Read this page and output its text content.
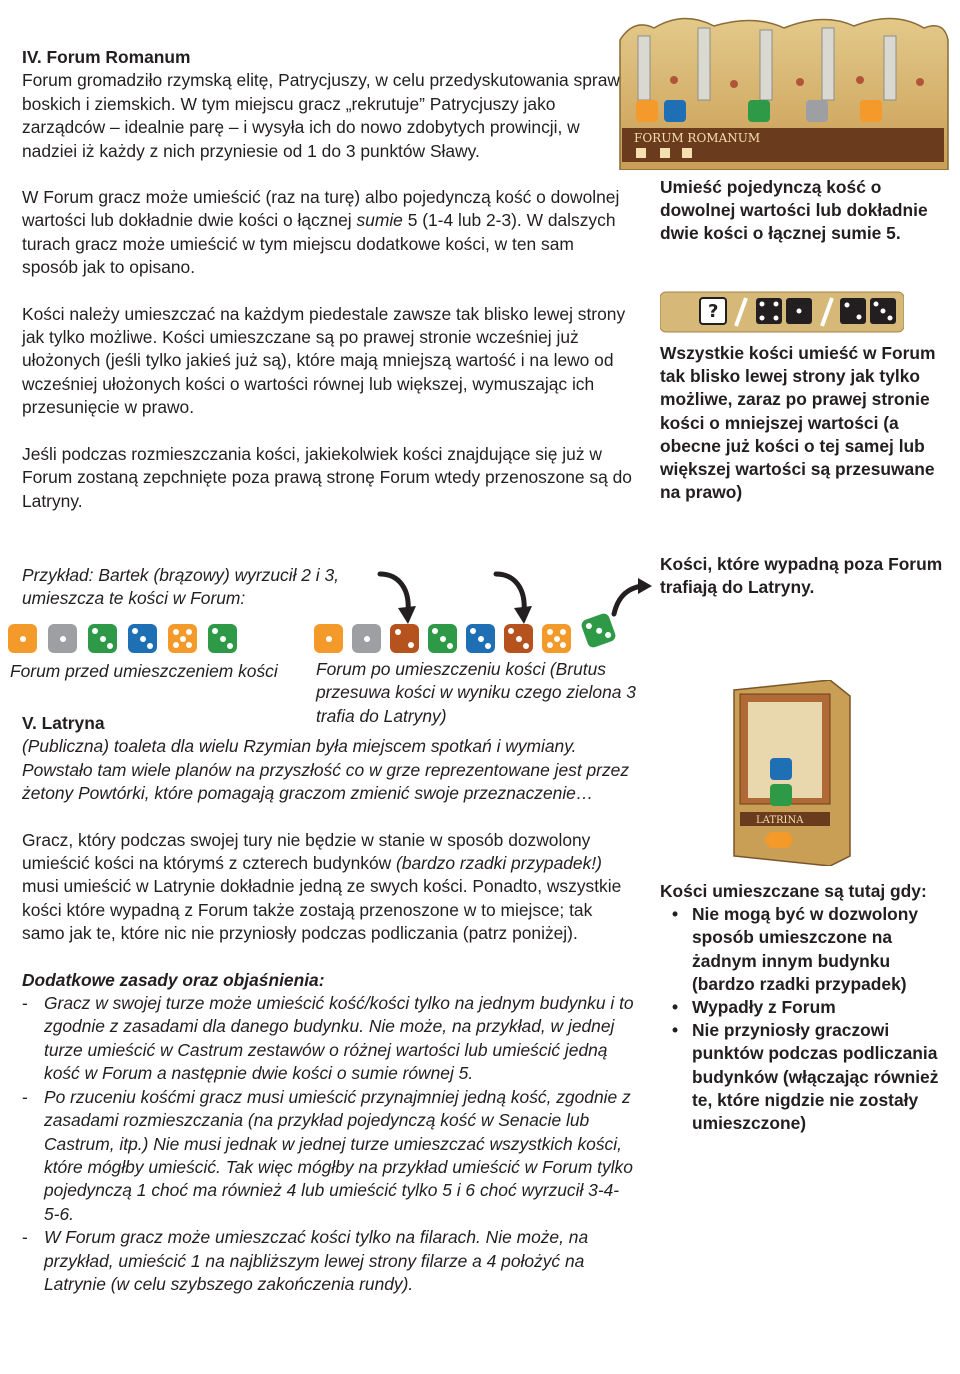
IV. Forum Romanum

Forum gromadziło rzymską elitę, Patrycjuszy, w celu przedyskutowania spraw boskich i ziemskich. W tym miejscu gracz „rekrutuje” Patrycjuszy jako zarządców – idealnie parę – i wysyła ich do nowo zdobytych prowincji, w nadziei iż każdy z nich przyniesie od 1 do 3 punktów Sławy.

W Forum gracz może umieścić (raz na turę) albo pojedynczą kość o dowolnej wartości lub dokładnie dwie kości o łącznej sumie 5 (1-4 lub 2-3). W dalszych turach gracz może umieścić w tym miejscu dodatkowe kości, w ten sam sposób jak to opisano.

Kości należy umieszczać na każdym piedestale zawsze tak blisko lewej strony jak tylko możliwe. Kości umieszczane są po prawej stronie wcześniej już ułożonych (jeśli tylko jakieś już są), które mają mniejszą wartość i na lewo od wcześniej ułożonych kości o wartości równej lub większej, wymuszając ich przesunięcie w prawo.

Jeśli podczas rozmieszczania kości, jakiekolwiek kości znajdujące się już w Forum zostaną zepchnięte poza prawą stronę Forum wtedy przenoszone są do Latryny.

Przykład: Bartek (brązowy) wyrzucił 2 i 3, umieszcza te kości w Forum:

Forum przed umieszczeniem kości Forum po umieszczeniu kości (Brutus przesuwa kości w wyniku czego zielona 3 trafia do Latryny)

V. Latryna

(Publiczna) toaleta dla wielu Rzymian była miejscem spotkań i wymiany. Powstało tam wiele planów na przyszłość co w grze reprezentowane jest przez żetony Powtórki, które pomagają graczom zmienić swoje przeznaczenie…

Gracz, który podczas swojej tury nie będzie w stanie w sposób dozwolony umieścić kości na którymś z czterech budynków (bardzo rzadki przypadek!) musi umieścić w Latrynie dokładnie jedną ze swych kości. Ponadto, wszystkie kości które wypadną z Forum także zostają przenoszone w to miejsce; tak samo jak te, które nic nie przyniosły podczas podliczania (patrz poniżej).

Dodatkowe zasady oraz objaśnienia:

- Gracz w swojej turze może umieścić kość/kości tylko na jednym budynku i to zgodnie z zasadami dla danego budynku. Nie może, na przykład, w jednej turze umieścić w Castrum zestawów o różnej wartości lub umieścić jedną kość w Forum a następnie dwie kości o sumie równej 5.
- Po rzuceniu kośćmi gracz musi umieścić przynajmniej jedną kość, zgodnie z zasadami rozmieszczania (na przykład pojedynczą kość w Senacie lub Castrum, itp.) Nie musi jednak w jednej turze umieszczać wszystkich kości, które mógłby umieścić. Tak więc mógłby na przykład umieścić w Forum tylko pojedynczą 1 choć ma również 4 lub umieścić tylko 5 i 6 choć wyrzucił 3-4-5-6.
- W Forum gracz może umieszczać kości tylko na filarach. Nie może, na przykład, umieścić 1 na najbliższym lewej strony filarze a 4 położyć na Latrynie (w celu szybszego zakończenia rundy).
FORUM ROMANUM

Umieść pojedynczą kość o dowolnej wartości lub dokładnie dwie kości o łącznej sumie 5.

?

Wszystkie kości umieść w Forum tak blisko lewej strony jak tylko możliwe, zaraz po prawej stronie kości o mniejszej wartości (a obecne już kości o tej samej lub większej wartości są przesuwane na prawo)

Kości, które wypadną poza Forum trafiają do Latryny.

LATRINA

Kości umieszczane są tutaj gdy:

• Nie mogą być w dozwolony sposób umieszczone na żadnym innym budynku (bardzo rzadki przypadek)
• Wypadły z Forum
• Nie przyniosły graczowi punktów podczas podliczania budynków (włączając również te, które nigdzie nie zostały umieszczone)
